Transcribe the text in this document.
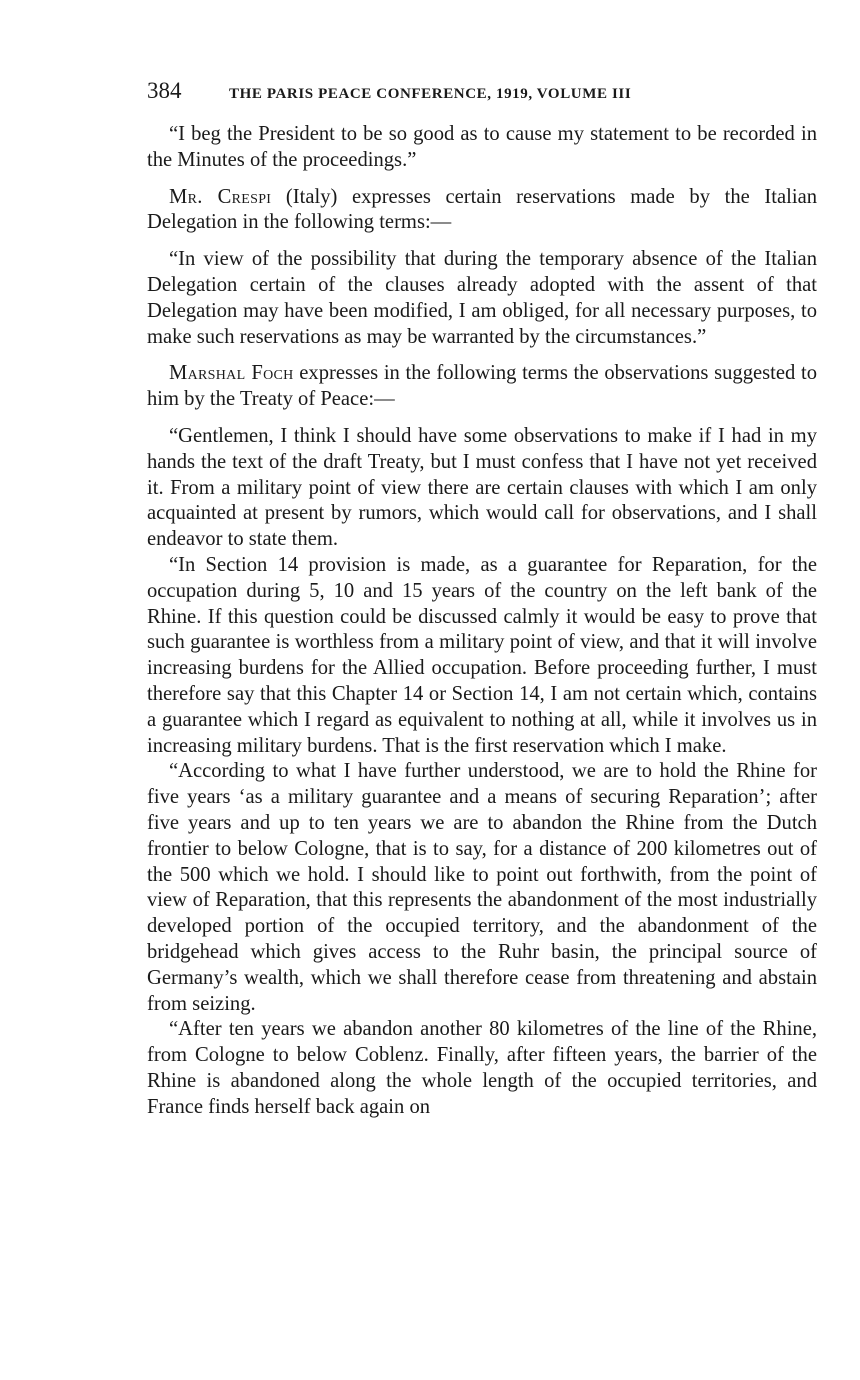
384	THE PARIS PEACE CONFERENCE, 1919, VOLUME III

“I beg the President to be so good as to cause my statement to be recorded in the Minutes of the proceedings.”

Mr. Crespi (Italy) expresses certain reservations made by the Italian Delegation in the following terms:—

“In view of the possibility that during the temporary absence of the Italian Delegation certain of the clauses already adopted with the assent of that Delegation may have been modified, I am obliged, for all necessary purposes, to make such reservations as may be warranted by the circumstances.”

Marshal Foch expresses in the following terms the observations suggested to him by the Treaty of Peace:—

“Gentlemen, I think I should have some observations to make if I had in my hands the text of the draft Treaty, but I must confess that I have not yet received it. From a military point of view there are certain clauses with which I am only acquainted at present by rumors, which would call for observations, and I shall endeavor to state them.

“In Section 14 provision is made, as a guarantee for Reparation, for the occupation during 5, 10 and 15 years of the country on the left bank of the Rhine. If this question could be discussed calmly it would be easy to prove that such guarantee is worthless from a military point of view, and that it will involve increasing burdens for the Allied occupation. Before proceeding further, I must therefore say that this Chapter 14 or Section 14, I am not certain which, contains a guarantee which I regard as equivalent to nothing at all, while it involves us in increasing military burdens. That is the first reservation which I make.

“According to what I have further understood, we are to hold the Rhine for five years ‘as a military guarantee and a means of securing Reparation’; after five years and up to ten years we are to abandon the Rhine from the Dutch frontier to below Cologne, that is to say, for a distance of 200 kilometres out of the 500 which we hold. I should like to point out forthwith, from the point of view of Reparation, that this represents the abandonment of the most industrially developed portion of the occupied territory, and the abandonment of the bridgehead which gives access to the Ruhr basin, the principal source of Germany’s wealth, which we shall therefore cease from threatening and abstain from seizing.

“After ten years we abandon another 80 kilometres of the line of the Rhine, from Cologne to below Coblenz. Finally, after fifteen years, the barrier of the Rhine is abandoned along the whole length of the occupied territories, and France finds herself back again on
